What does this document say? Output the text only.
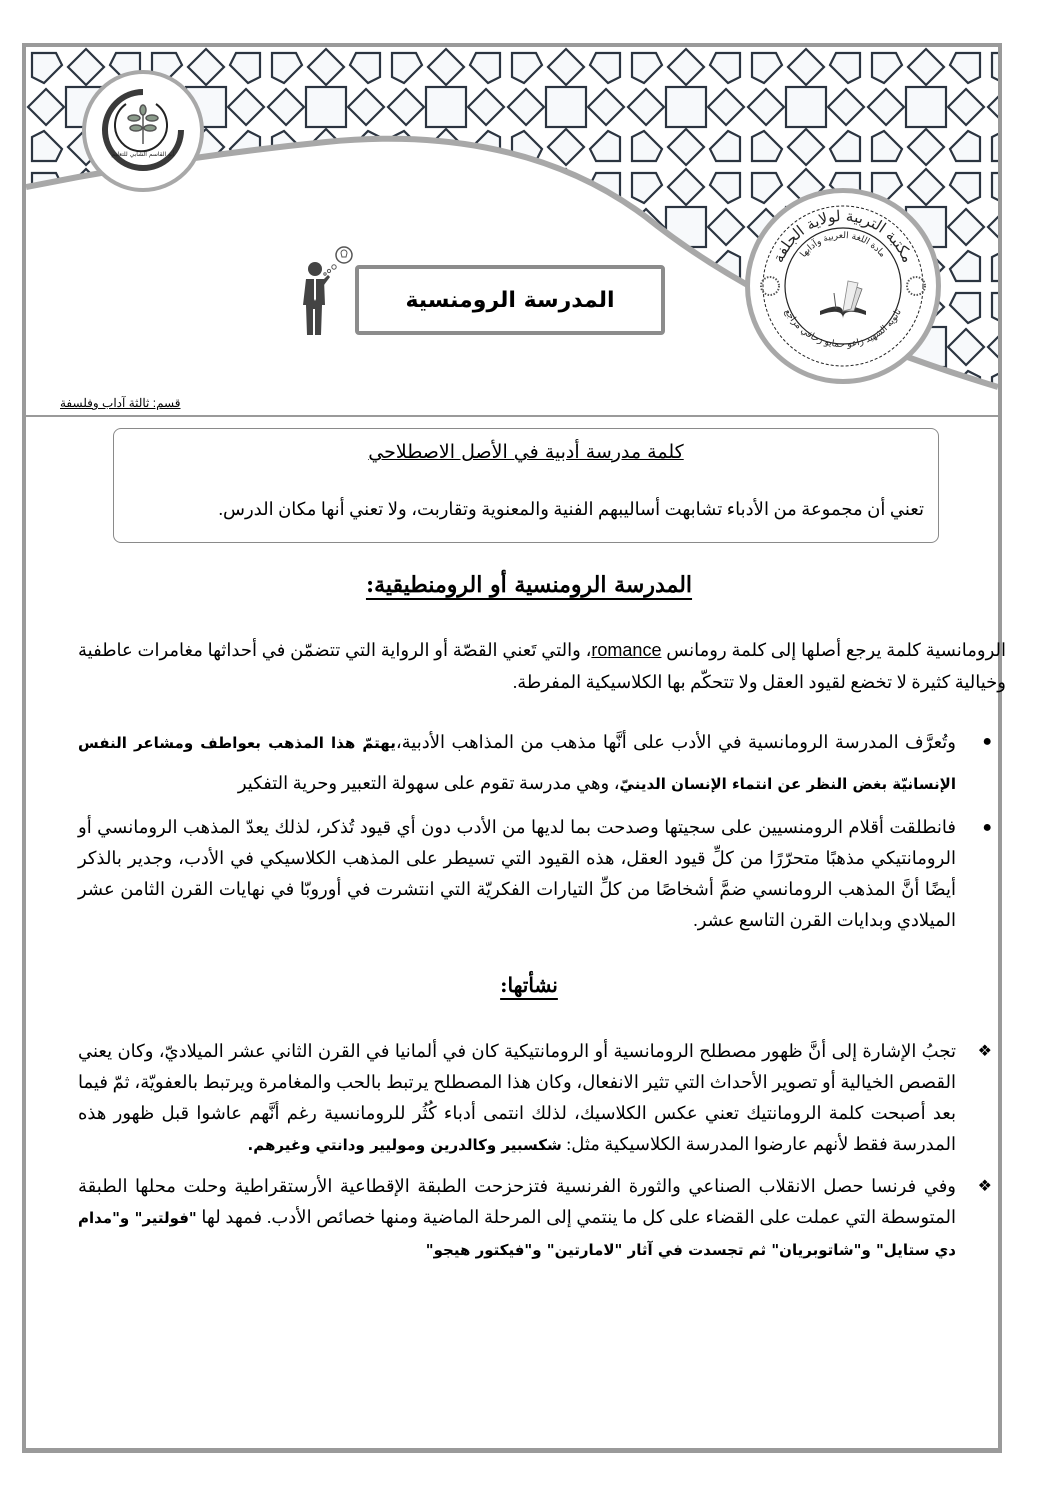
أبو القاسم الشابي للتعليم
مكتبة التربية لولاية الجلفة
مادة اللغة العربية وآدابها
ثانوية الشهيد زاعو حمايو زحافي مراجع
المدرسة الرومنسية
قسم: ثالثة آداب وفلسفة
كلمة مدرسة أدبية في الأصل الاصطلاحي
تعني أن مجموعة من الأدباء تشابهت أساليبهم الفنية والمعنوية وتقاربت، ولا تعني أنها مكان الدرس.
المدرسة الرومنسية أو الرومنطيقية:
الرومانسية كلمة يرجع أصلها إلى كلمة رومانس romance، والتي تَعني القصّة أو الرواية التي تتضمّن في أحداثها مغامرات عاطفية وخيالية كثيرة لا تخضع لقيود العقل ولا تتحكّم بها الكلاسيكية المفرطة.
●
وتُعرَّف المدرسة الرومانسية في الأدب على أنَّها مذهب من المذاهب الأدبية،يهتمّ هذا المذهب بعواطف ومشاعر النفس الإنسانيّة بغض النظر عن انتماء الإنسان الدينيّ، وهي مدرسة تقوم على سهولة التعبير وحرية التفكير
●
فانطلقت أقلام الرومنسيين على سجيتها وصدحت بما لديها من الأدب دون أي قيود تُذكر، لذلك يعدّ المذهب الرومانسي أو الرومانتيكي مذهبًا متحرّرًا من كلِّ قيود العقل، هذه القيود التي تسيطر على المذهب الكلاسيكي في الأدب، وجدير بالذكر أيضًا أنَّ المذهب الرومانسي ضمَّ أشخاصًا من كلِّ التيارات الفكريّة التي انتشرت في أوروبّا في نهايات القرن الثامن عشر الميلادي وبدايات القرن التاسع عشر.
نشأتها:
❖
تجبُ الإشارة إلى أنَّ ظهور مصطلح الرومانسية أو الرومانتيكية كان في ألمانيا في القرن الثاني عشر الميلاديّ، وكان يعني القصص الخيالية أو تصوير الأحداث التي تثير الانفعال، وكان هذا المصطلح يرتبط بالحب والمغامرة ويرتبط بالعفويّة، ثمّ فيما بعد أصبحت كلمة الرومانتيك تعني عكس الكلاسيك، لذلك انتمى أدباء كُثُر للرومانسية رغم أنَّهم عاشوا قبل ظهور هذه المدرسة فقط لأنهم عارضوا المدرسة الكلاسيكية مثل: شكسبير وكالدرين وموليير ودانتي وغيرهم.
❖
وفي فرنسا حصل الانقلاب الصناعي والثورة الفرنسية فتزحزحت الطبقة الإقطاعية الأرستقراطية وحلت محلها الطبقة المتوسطة التي عملت على القضاء على كل ما ينتمي إلى المرحلة الماضية ومنها خصائص الأدب. فمهد لها "فولتير" و"مدام دي ستايل" و"شاتوبريان" ثم تجسدت في آثار "لامارتين" و"فيكتور هيجو"
